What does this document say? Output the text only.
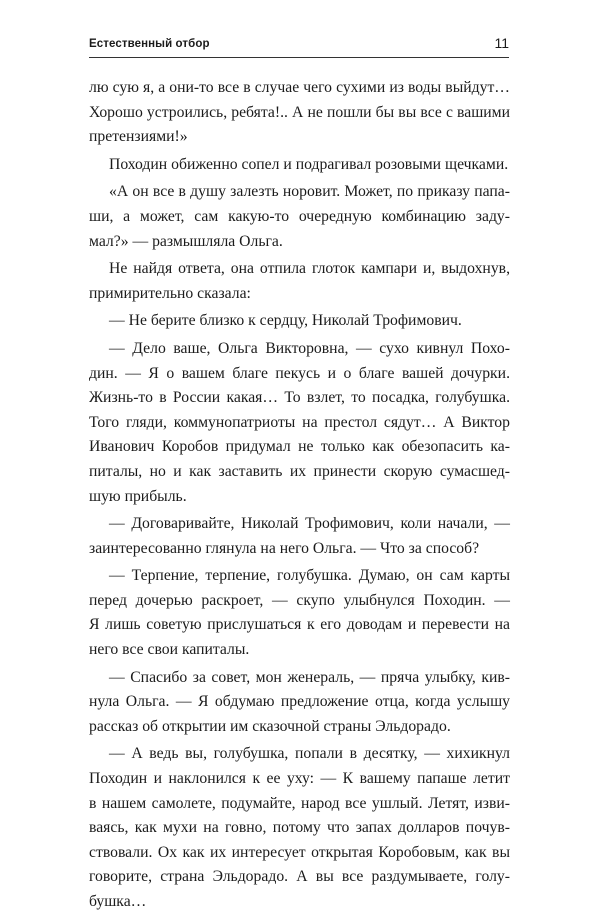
Естественный отбор	11
лю сую я, а они-то все в случае чего сухими из воды выйдут…
Хорошо устроились, ребята!.. А не пошли бы вы все с вашими
претензиями!»
Походин обиженно сопел и подрагивал розовыми щечками.
«А он все в душу залезть норовит. Может, по приказу папа-
ши, а может, сам какую-то очередную комбинацию заду-
мал?» — размышляла Ольга.
Не найдя ответа, она отпила глоток кампари и, выдохнув,
примирительно сказала:
— Не берите близко к сердцу, Николай Трофимович.
— Дело ваше, Ольга Викторовна, — сухо кивнул Похо-
дин. — Я о вашем благе пекусь и о благе вашей дочурки.
Жизнь-то в России какая… То взлет, то посадка, голубушка.
Того гляди, коммунопатриоты на престол сядут… А Виктор
Иванович Коробов придумал не только как обезопасить ка-
питалы, но и как заставить их принести скорую сумасшед-
шую прибыль.
— Договаривайте, Николай Трофимович, коли начали, —
заинтересованно глянула на него Ольга. — Что за способ?
— Терпение, терпение, голубушка. Думаю, он сам карты
перед дочерью раскроет, — скупо улыбнулся Походин. —
Я лишь советую прислушаться к его доводам и перевести на
него все свои капиталы.
— Спасибо за совет, мон женераль, — пряча улыбку, кив-
нула Ольга. — Я обдумаю предложение отца, когда услышу
рассказ об открытии им сказочной страны Эльдорадо.
— А ведь вы, голубушка, попали в десятку, — хихикнул
Походин и наклонился к ее уху: — К вашему папаше летит
в нашем самолете, подумайте, народ все ушлый. Летят, изви-
ваясь, как мухи на говно, потому что запах долларов почув-
ствовали. Ох как их интересует открытая Коробовым, как вы
говорите, страна Эльдорадо. А вы все раздумываете, голу-
бушка…
